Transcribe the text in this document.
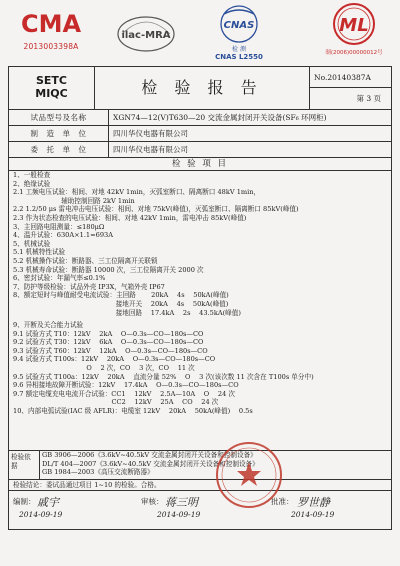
CMA
2013003398A
ilac-MRA
CNAS
检 测
CNAS L2550
ML
制(2006)00000012号
SETC
MIQC	检 验 报 告
No.20140387A
第 3 页
试品型号及名称	XGN74—12(V)T630—20 交流金属封闭开关设备(SF₆ 环网柜)
制　造　单　位	四川华仪电器有限公司
委　托　单　位	四川华仪电器有限公司
检 验 项 目
1、一般检查
2、绝缘试验
2.1 工频电压试验：相间、对地 42kV 1min，灭弧室断口、隔离断口 48kV 1min，
辅助控制回路 2kV 1min
2.2 1.2/50 μs 雷电冲击电压试验：相间、对地 75kV(峰值)，灭弧室断口、隔离断口 85kV(峰值)
2.3 作为状态检查的电压试验：相间、对地 42kV 1min，雷电冲击 85kV(峰值)
3、主回路电阻测量：≤180μΩ
4、温升试验：630A×1.1=693A
5、机械试验
5.1 机械特性试验
5.2 机械操作试验：断路器、三工位隔离开关联锁
5.3 机械寿命试验：断路器 10000 次，三工位隔离开关 2000 次
6、密封试验：年漏气率≤0.1%
7、防护等级检验：试品外壳 IP3X，气箱外壳 IP67
8、额定短时与峰值耐受电流试验：主回路　　 20kA　 4s　 50kA(峰值)
接地开关　 20kA　 4s　 50kA(峰值)
接地回路　 17.4kA　 2s　 43.5kA(峰值)
9、开断及关合能力试验
9.1 试验方式 T10：12kV　 2kA　 O—0.3s—CO—180s—CO
9.2 试验方式 T30：12kV　 6kA　 O—0.3s—CO—180s—CO
9.3 试验方式 T60：12kV　 12kA　 O—0.3s—CO—180s—CO
9.4 试验方式 T100s：12kV　 20kA　 O—0.3s—CO—180s—CO
O　 2 次，CO　 3 次，CO　 11 次
9.5 试验方式 T100a：12kV　 20kA　 直流分量 52%　 O　 3 次(该次数 11 次含在 T100s 单分中)
9.6 异相接地故障开断试验：12kV　 17.4kA　 O—0.3s—CO—180s—CO
9.7 额定电缆充电电流开合试验：CC1　 12kV　 2.5A—10A　 O　 24 次
CC2　 12kV　 25A　 CO　 24 次
10、内部电弧试验(IAC 级 AFLR)：电缆室 12kV　 20kA　 50kA(峰值)　 0.5s
检验依据
GB 3906—2006《3.6kV~40.5kV 交流金属封闭开关设备和控制设备》
DL/T 404—2007《3.6kV~40.5kV 交流金属封闭开关设备和控制设备》
GB 1984—2003《高压交流断路器》
检验结论：委试品通过项目 1~10 的检验。合格。
编制： 戚宇
2014-09-19
审核： 蒋三明
2014-09-19
批准： 罗世静
2014-09-19
